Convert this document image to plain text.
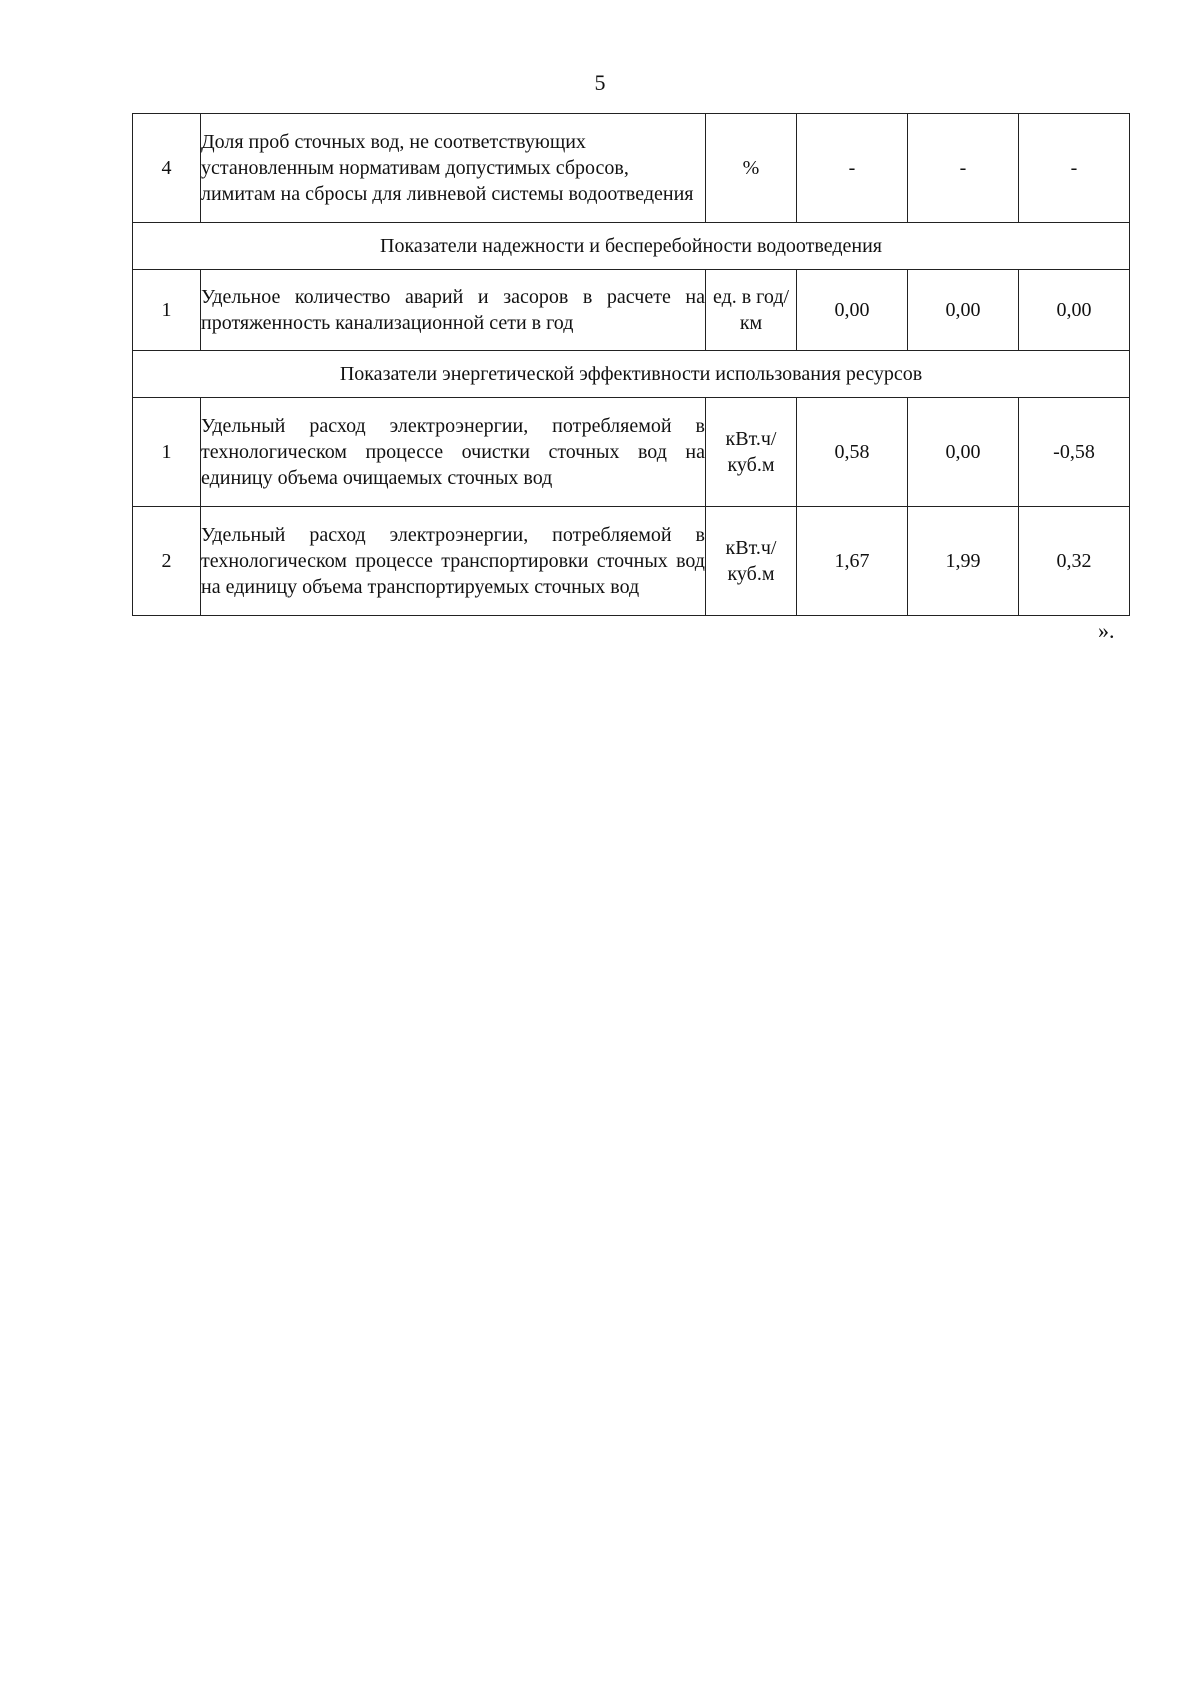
5
4	Доля проб сточных вод, не соответствующих установленным нормативам допустимых сбросов, лимитам на сбросы для ливневой системы водоотведения	%	-	-	-
Показатели надежности и бесперебойности водоотведения					
1	Удельное количество аварий и засоров в расчете на протяженность канализационной сети в год	ед. в год/ км	0,00	0,00	0,00
Показатели энергетической эффективности использования ресурсов					
1	Удельный расход электроэнергии, потребляемой в технологическом процессе очистки сточных вод на единицу объема очищаемых сточных вод	кВт.ч/ куб.м	0,58	0,00	-0,58
2	Удельный расход электроэнергии, потребляемой в технологическом процессе транспортировки сточных вод на единицу объема транспортируемых сточных вод	кВт.ч/ куб.м	1,67	1,99	0,32
».
